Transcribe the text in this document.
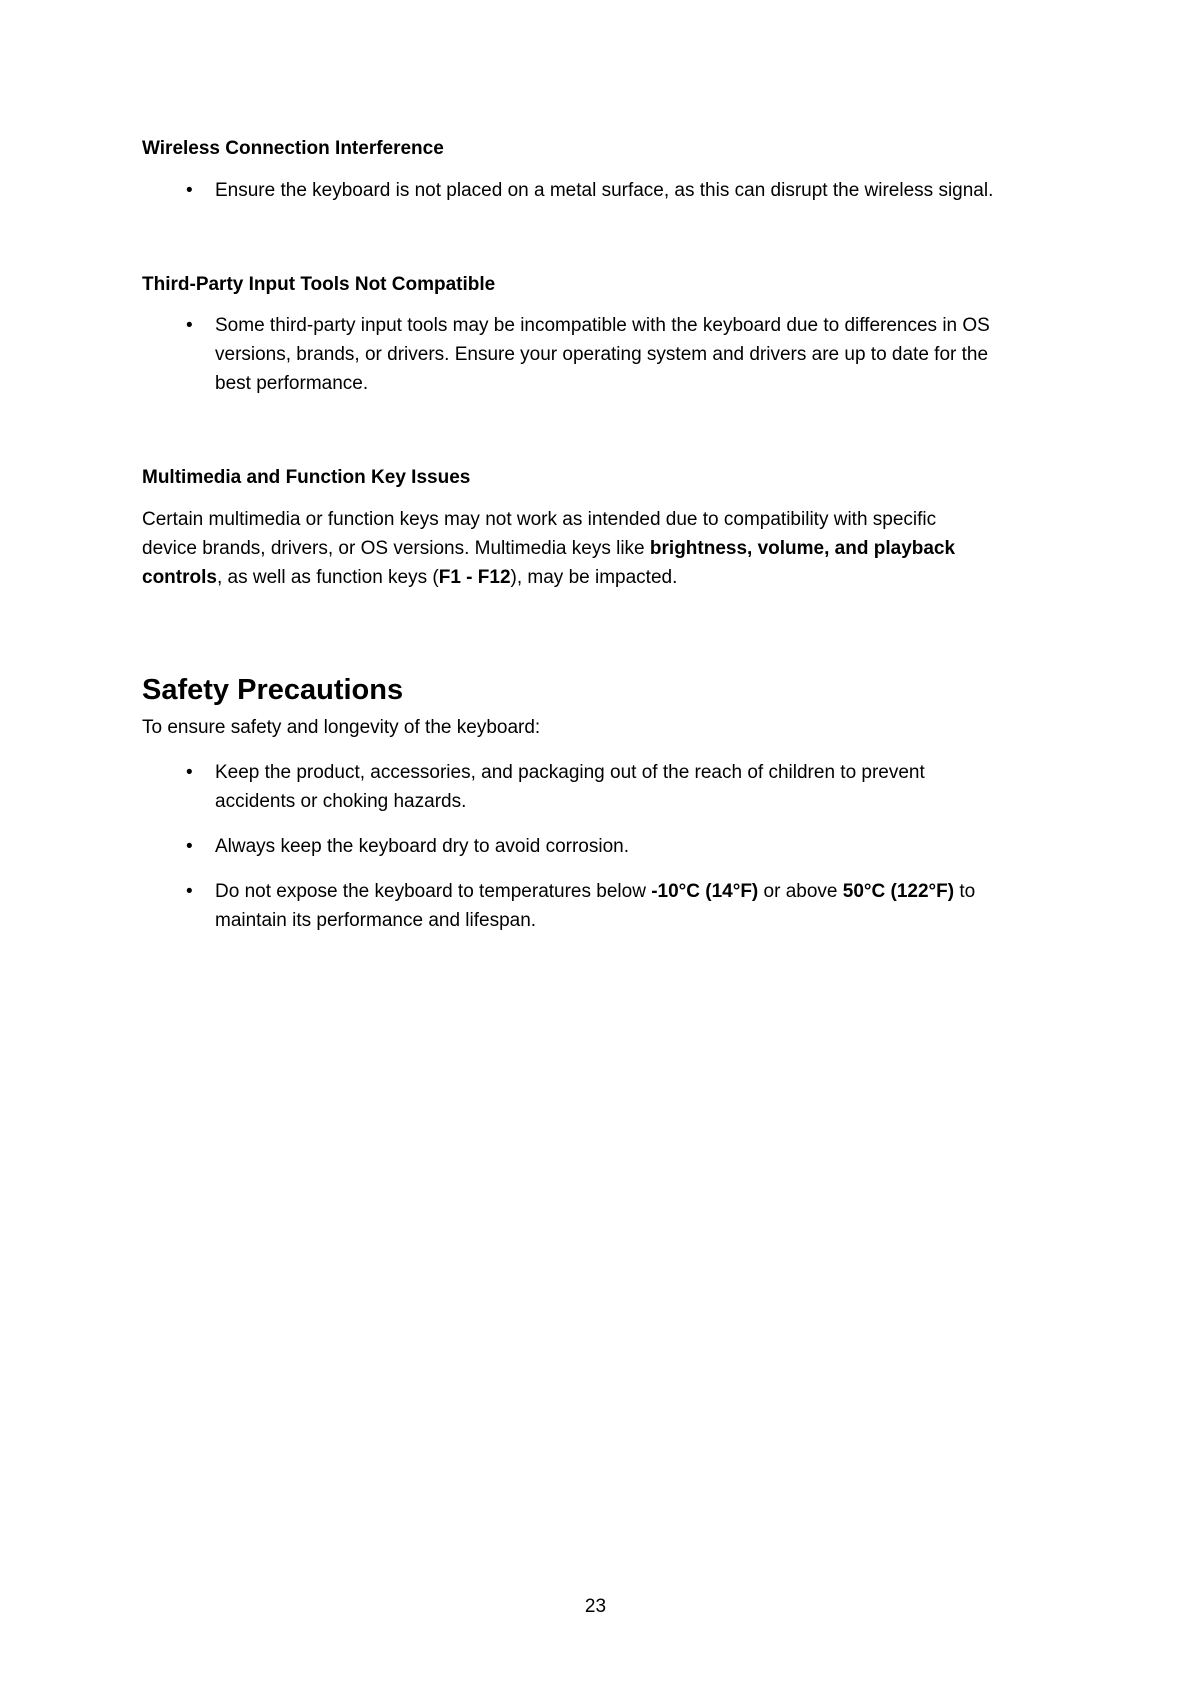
Wireless Connection Interference
• Ensure the keyboard is not placed on a metal surface, as this can disrupt the wireless signal.

Third-Party Input Tools Not Compatible
• Some third-party input tools may be incompatible with the keyboard due to differences in OS
versions, brands, or drivers. Ensure your operating system and drivers are up to date for the
best performance.
Multimedia and Function Key Issues
Certain multimedia or function keys may not work as intended due to compatibility with specific
device brands, drivers, or OS versions. Multimedia keys like brightness, volume, and playback
controls, as well as function keys (F1 - F12), may be impacted.
Safety Precautions

To ensure safety and longevity of the keyboard:

• Keep the product, accessories, and packaging out of the reach of children to prevent
accidents or choking hazards.
• Always keep the keyboard dry to avoid corrosion.

• Do not expose the keyboard to temperatures below -10°C (14°F) or above 50°C (122°F) to
maintain its performance and lifespan.
23
